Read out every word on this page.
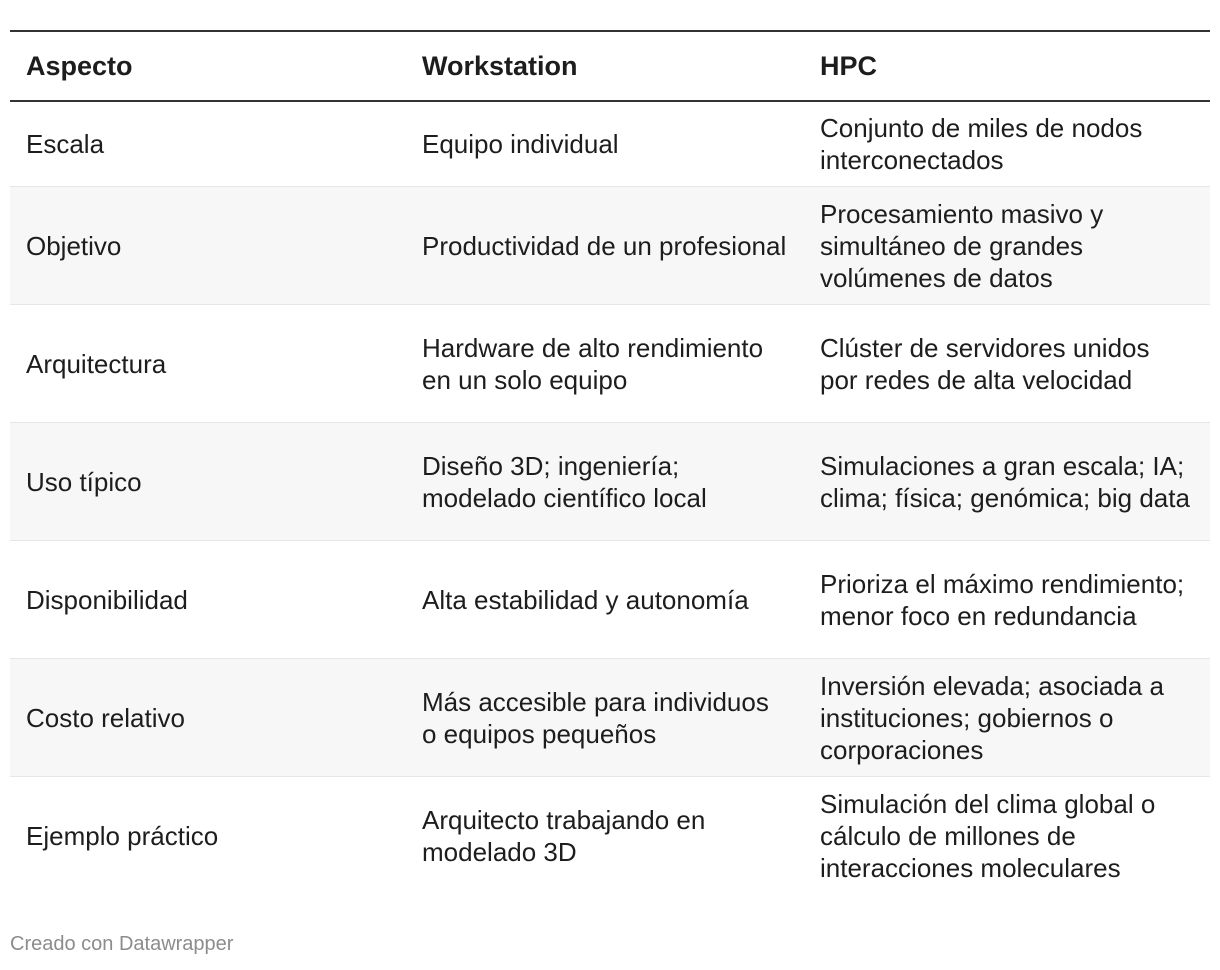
Aspecto	Workstation	HPC
Escala	Equipo individual	Conjunto de miles de nodos interconectados
Objetivo	Productividad de un profesional	Procesamiento masivo y simultáneo de grandes volúmenes de datos
Arquitectura	Hardware de alto rendimiento en un solo equipo	Clúster de servidores unidos por redes de alta velocidad
Uso típico	Diseño 3D; ingeniería; modelado científico local	Simulaciones a gran escala; IA; clima; física; genómica; big data
Disponibilidad	Alta estabilidad y autonomía	Prioriza el máximo rendimiento; menor foco en redundancia
Costo relativo	Más accesible para individuos o equipos pequeños	Inversión elevada; asociada a instituciones; gobiernos o corporaciones
Ejemplo práctico	Arquitecto trabajando en modelado 3D	Simulación del clima global o cálculo de millones de interacciones moleculares
Creado con Datawrapper
